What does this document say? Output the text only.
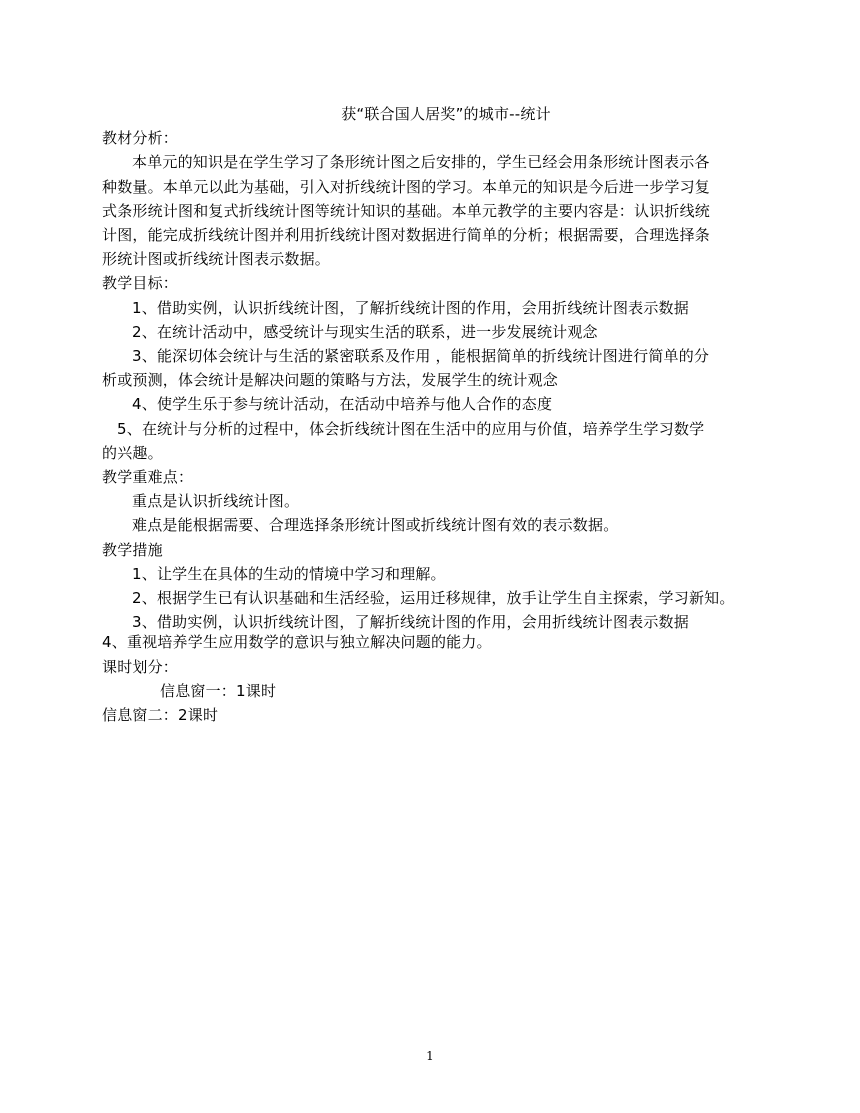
获“联合国人居奖”的城市--统计

教材分析：

本单元的知识是在学生学习了条形统计图之后安排的，学生已经会用条形统计图表示各

种数量。本单元以此为基础，引入对折线统计图的学习。本单元的知识是今后进一步学习复

式条形统计图和复式折线统计图等统计知识的基础。本单元教学的主要内容是：认识折线统

计图，能完成折线统计图并利用折线统计图对数据进行简单的分析；根据需要，合理选择条

形统计图或折线统计图表示数据。

教学目标：

1、借助实例，认识折线统计图，了解折线统计图的作用，会用折线统计图表示数据

2、在统计活动中，感受统计与现实生活的联系，进一步发展统计观念

3、能深切体会统计与生活的紧密联系及作用 ，能根据简单的折线统计图进行简单的分

析或预测，体会统计是解决问题的策略与方法，发展学生的统计观念

4、使学生乐于参与统计活动，在活动中培养与他人合作的态度

5、在统计与分析的过程中，体会折线统计图在生活中的应用与价值，培养学生学习数学

的兴趣。

教学重难点：

重点是认识折线统计图。

难点是能根据需要、合理选择条形统计图或折线统计图有效的表示数据。

教学措施

1、让学生在具体的生动的情境中学习和理解。

2、根据学生已有认识基础和生活经验，运用迁移规律，放手让学生自主探索，学习新知。

3、借助实例，认识折线统计图，了解折线统计图的作用，会用折线统计图表示数据

4、重视培养学生应用数学的意识与独立解决问题的能力。

课时划分：

信息窗一：1课时

信息窗二：2课时

1
